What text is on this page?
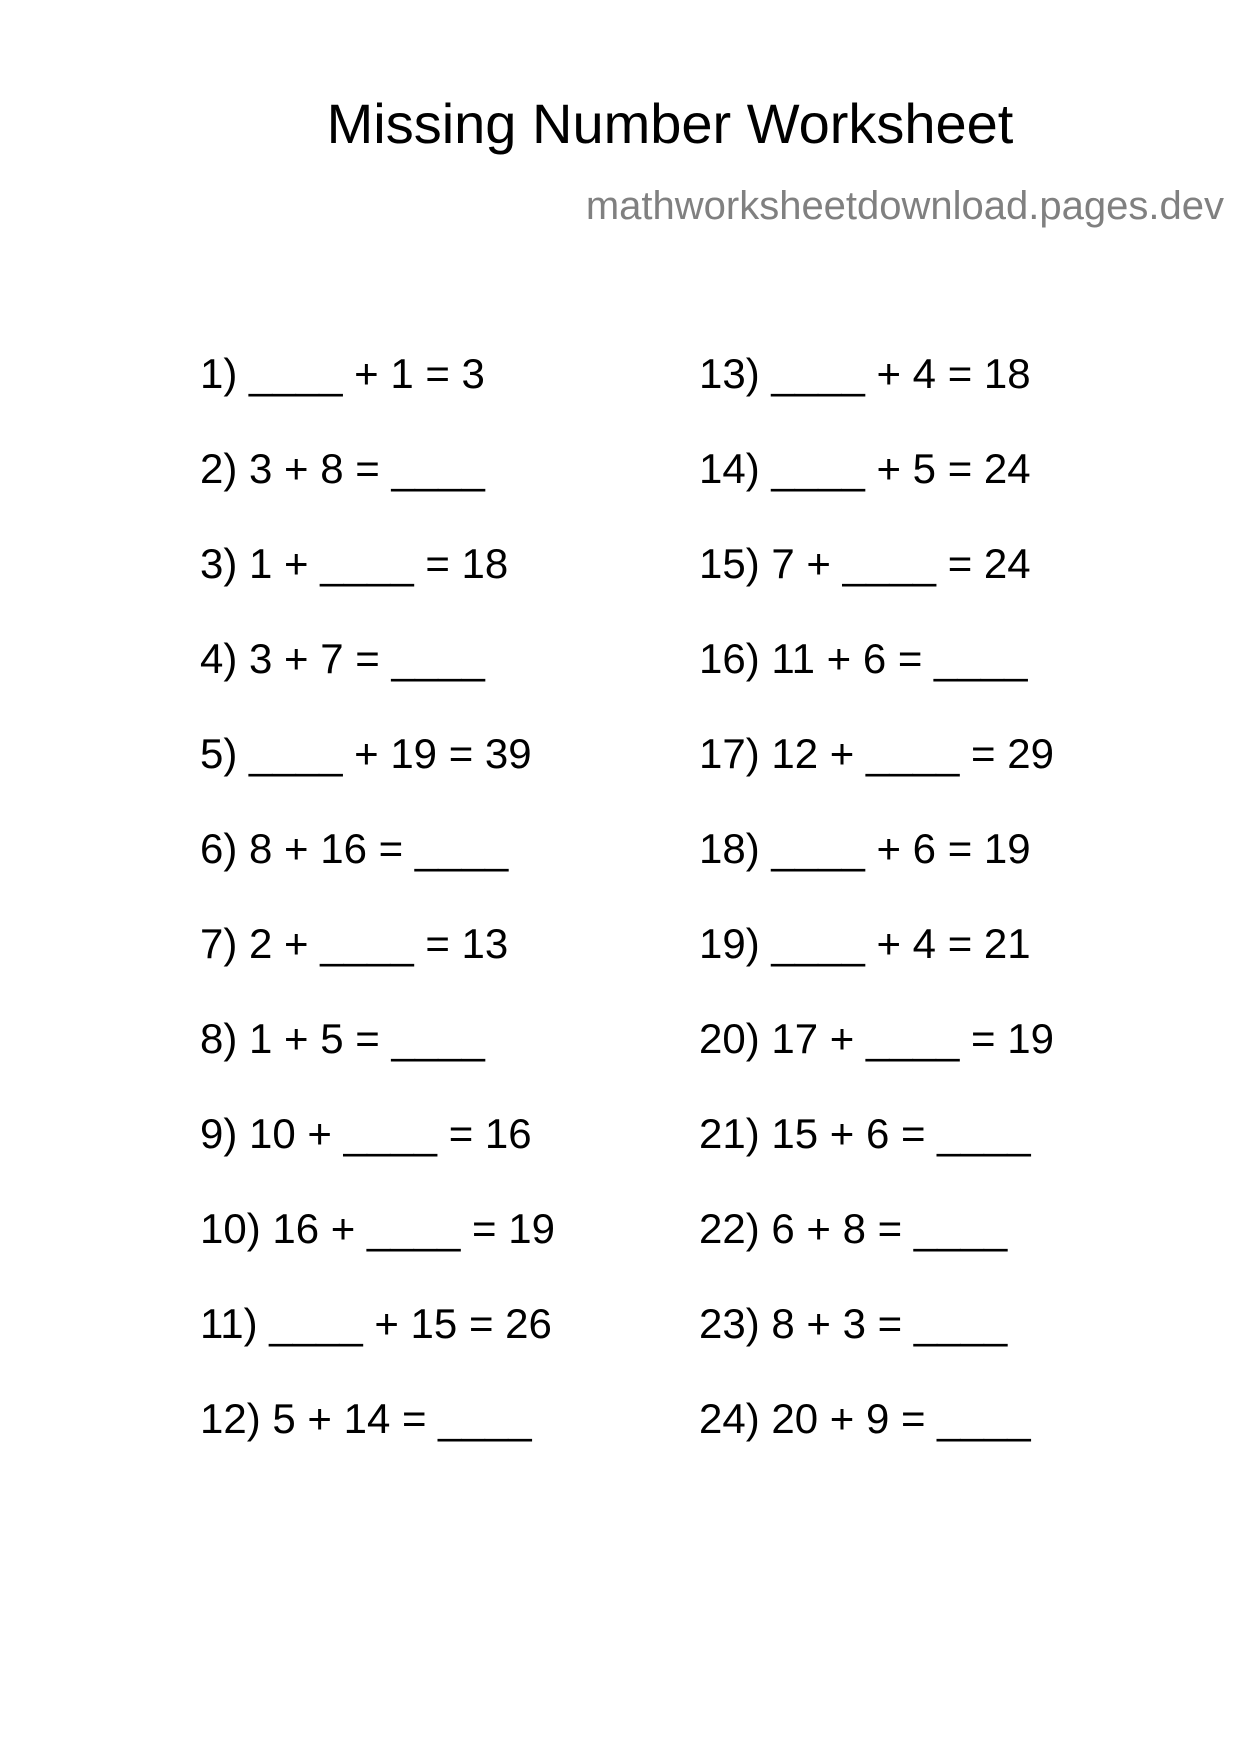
Missing Number Worksheet
mathworksheetdownload.pages.dev
1) ____ + 1 = 3
2) 3 + 8 = ____
3) 1 + ____ = 18
4) 3 + 7 = ____
5) ____ + 19 = 39
6) 8 + 16 = ____
7) 2 + ____ = 13
8) 1 + 5 = ____
9) 10 + ____ = 16
10) 16 + ____ = 19
11) ____ + 15 = 26
12) 5 + 14 = ____
13) ____ + 4 = 18
14) ____ + 5 = 24
15) 7 + ____ = 24
16) 11 + 6 = ____
17) 12 + ____ = 29
18) ____ + 6 = 19
19) ____ + 4 = 21
20) 17 + ____ = 19
21) 15 + 6 = ____
22) 6 + 8 = ____
23) 8 + 3 = ____
24) 20 + 9 = ____
